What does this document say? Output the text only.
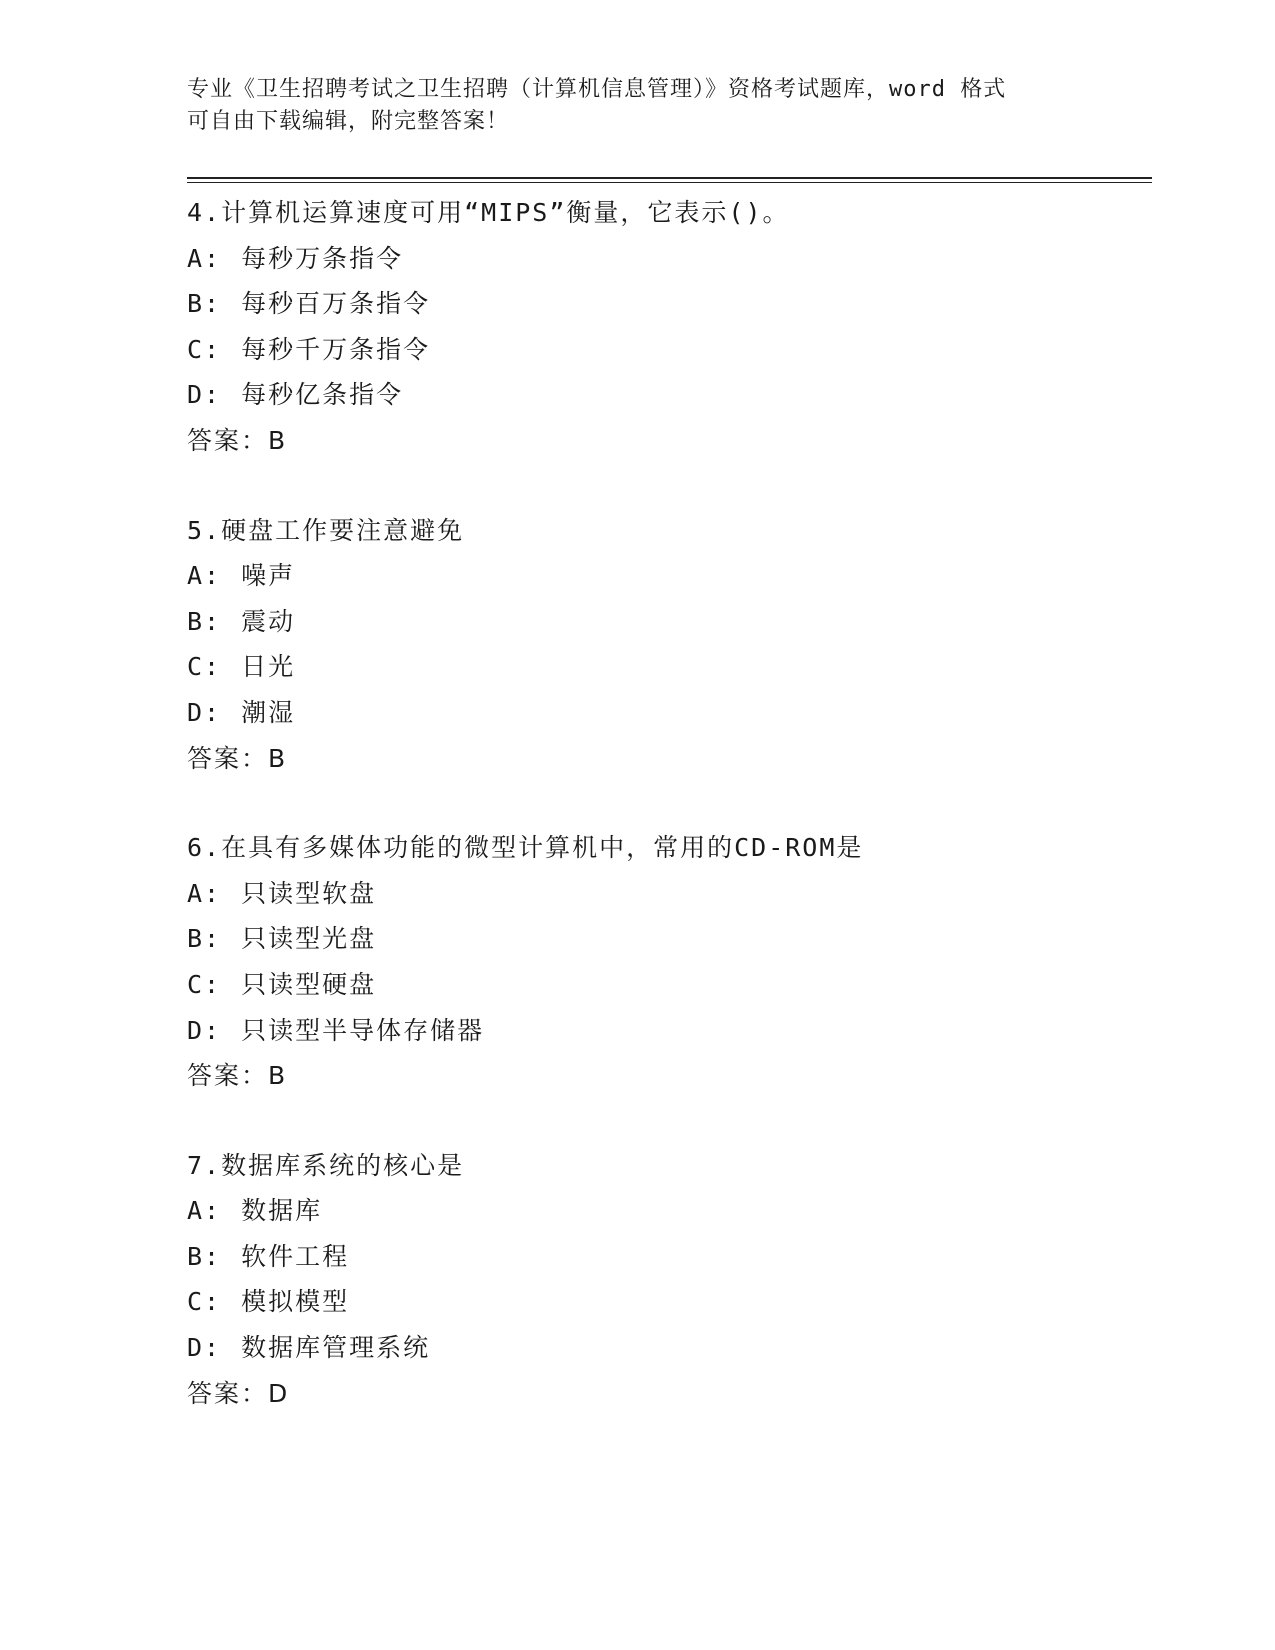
专业《卫生招聘考试之卫生招聘（计算机信息管理）》资格考试题库，word 格式
可自由下载编辑，附完整答案！
4.计算机运算速度可用“MIPS”衡量，它表示()。
A: 每秒万条指令
B: 每秒百万条指令
C: 每秒千万条指令
D: 每秒亿条指令
答案：B
5.硬盘工作要注意避免
A: 噪声
B: 震动
C: 日光
D: 潮湿
答案：B
6.在具有多媒体功能的微型计算机中，常用的CD-ROM是
A: 只读型软盘
B: 只读型光盘
C: 只读型硬盘
D: 只读型半导体存储器
答案：B
7.数据库系统的核心是
A: 数据库
B: 软件工程
C: 模拟模型
D: 数据库管理系统
答案：D
